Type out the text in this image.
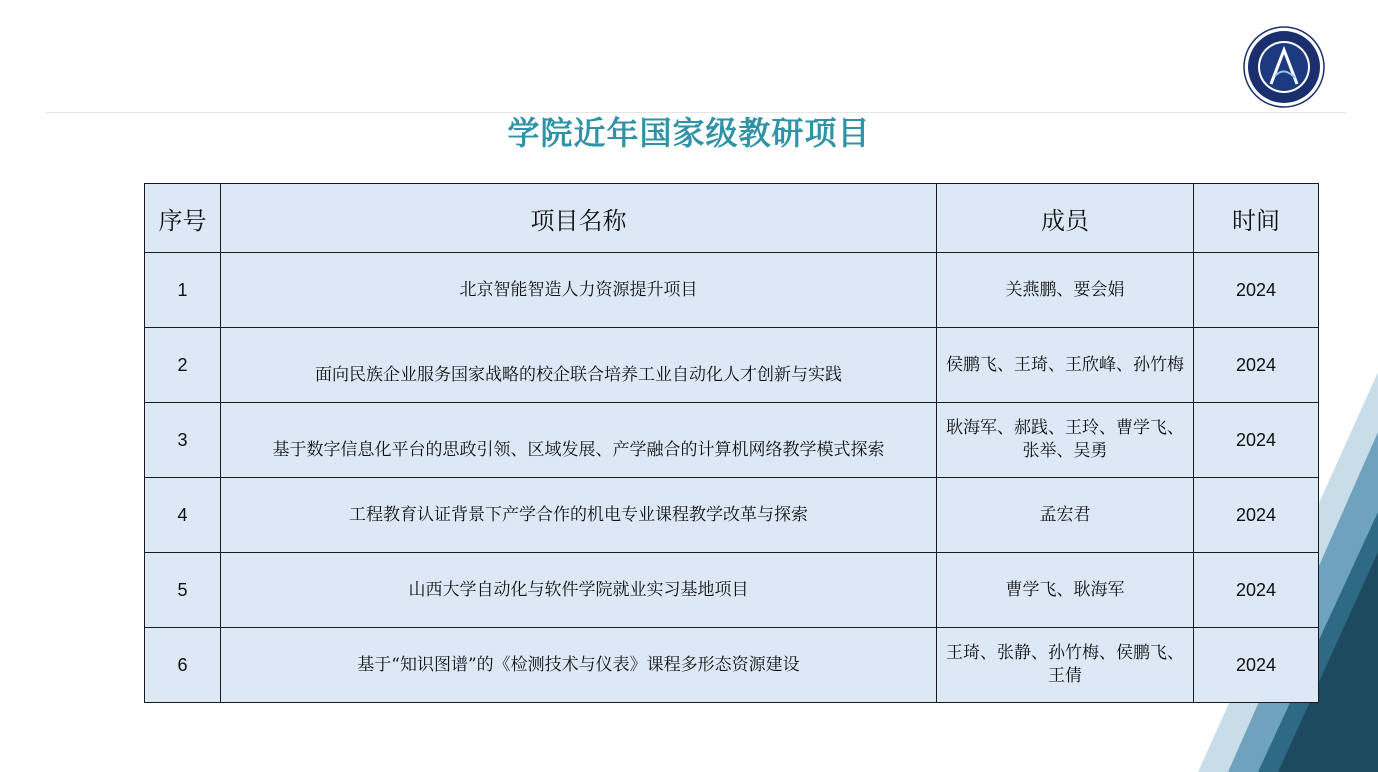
学院近年国家级教研项目
序号	项目名称	成员	时间
1	北京智能智造人力资源提升项目	关燕鹏、要会娟	2024
2	面向民族企业服务国家战略的校企联合培养工业自动化人才创新与实践	侯鹏飞、王琦、王欣峰、孙竹梅	2024
3	基于数字信息化平台的思政引领、区域发展、产学融合的计算机网络教学模式探索	耿海军、郝践、王玲、曹学飞、张举、吴勇	2024
4	工程教育认证背景下产学合作的机电专业课程教学改革与探索	孟宏君	2024
5	山西大学自动化与软件学院就业实习基地项目	曹学飞、耿海军	2024
6	基于“知识图谱”的《检测技术与仪表》课程多形态资源建设	王琦、张静、孙竹梅、侯鹏飞、王倩	2024
